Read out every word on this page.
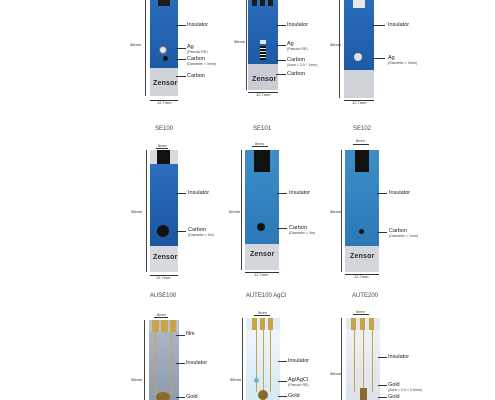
Zensor
58mm
12.7mm
Insulator
Ag
(Pseudo RE)
Carbon
(Diameter = 3mm)
Carbon	Zensor
58mm
12.7mm
Insulator
Ag
(Pseudo RE)
Carbon
(Area = 2.5 * 1mm)
Carbon
58mm
12.7mm
Insulator
Ag
(Diameter = 3mm)
SE100
8mm
Zensor
58mm
12.7mm
Insulator
Carbon
(Diameter = 5m)
SE101
8mm
Zensor
60mm
12.7mm
Insulator
Carbon
(Diameter = 3m)
SE102
8mm
Zensor
58mm
12.7mm
Insulator
Carbon
(Diameter = 1mm)
AUSE100
8mm
58mm
film
Insulator
Gold
AUTE100 AgCl
5mm
58mm
Insulator
Ag/AgCl
(Pseudo RE)
Gold
AUTE200
5mm
58mm
Insulator
Gold
(Area = 2.4 × 0.6mm)
Gold
